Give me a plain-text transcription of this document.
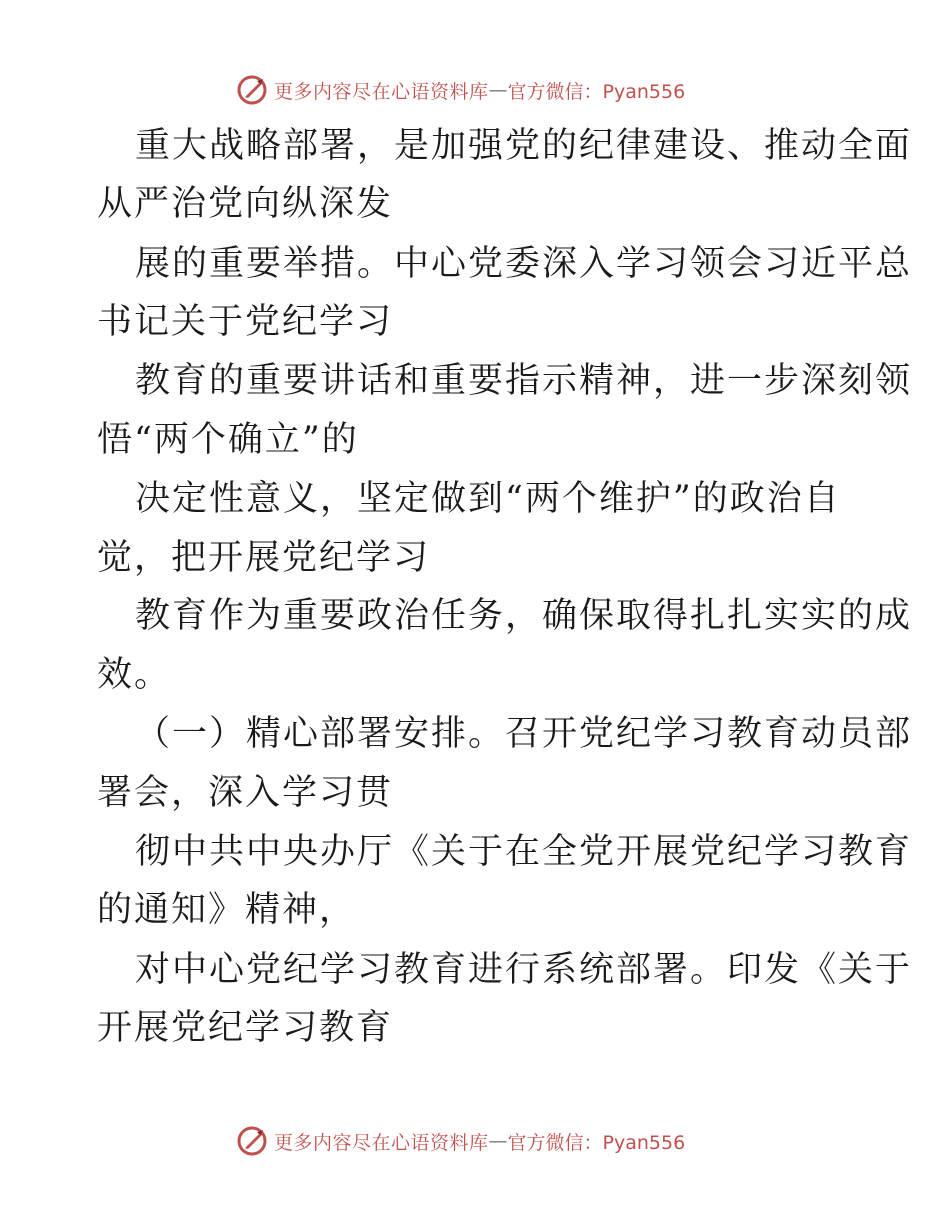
更多内容尽在心语资料库 — 官方微信：Pyan556
重大战略部署，是加强党的纪律建设、推动全面
从严治党向纵深发
展的重要举措。中心党委深入学习领会习近平总
书记关于党纪学习
教育的重要讲话和重要指示精神，进一步深刻领
悟“两个确立”的
决定性意义，坚定做到“两个维护”的政治自
觉，把开展党纪学习
教育作为重要政治任务，确保取得扎扎实实的成
效。
（一）精心部署安排。召开党纪学习教育动员部
署会，深入学习贯
彻中共中央办厅《关于在全党开展党纪学习教育
的通知》精神，
对中心党纪学习教育进行系统部署。印发《关于
开展党纪学习教育
更多内容尽在心语资料库 — 官方微信：Pyan556
